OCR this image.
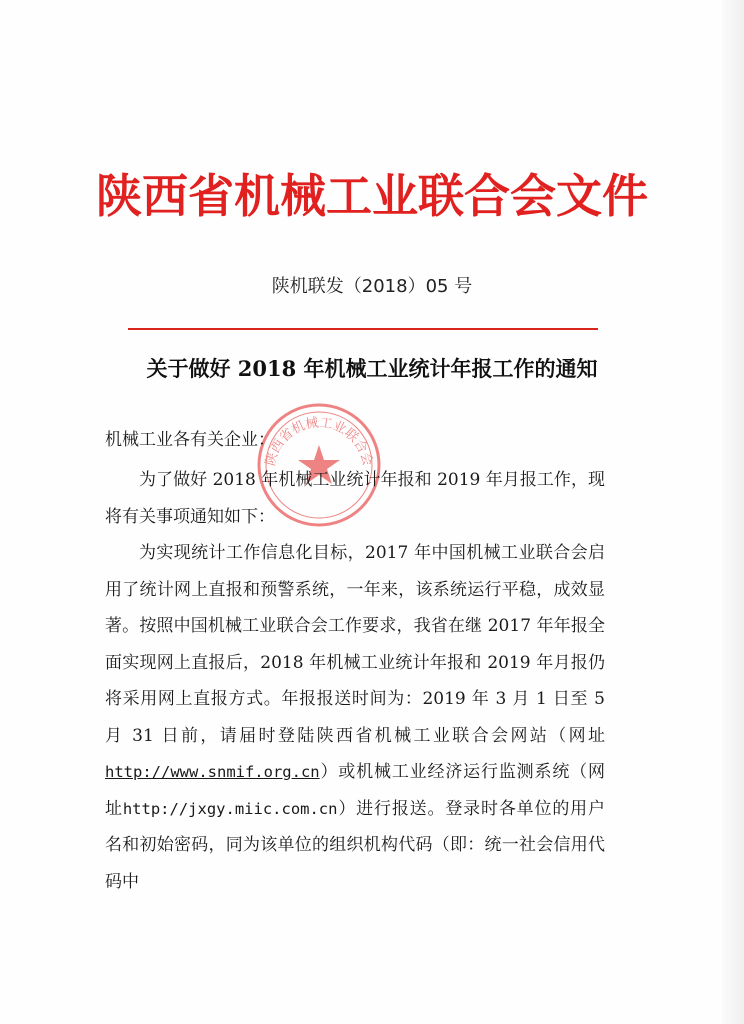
陕西省机械工业联合会文件
陕机联发（2018）05 号
关于做好 2018 年机械工业统计年报工作的通知
陕西省机械工业联合会
机械工业各有关企业：
为了做好 2018 年机械工业统计年报和 2019 年月报工作，现将有关事项通知如下：
为实现统计工作信息化目标，2017 年中国机械工业联合会启用了统计网上直报和预警系统，一年来，该系统运行平稳，成效显著。按照中国机械工业联合会工作要求，我省在继 2017 年年报全面实现网上直报后，2018 年机械工业统计年报和 2019 年月报仍将采用网上直报方式。年报报送时间为：2019 年 3 月 1 日至 5 月 31 日前，请届时登陆陕西省机械工业联合会网站（网址http://www.snmif.org.cn）或机械工业经济运行监测系统（网址http://jxgy.miic.com.cn）进行报送。登录时各单位的用户名和初始密码，同为该单位的组织机构代码（即：统一社会信用代码中
